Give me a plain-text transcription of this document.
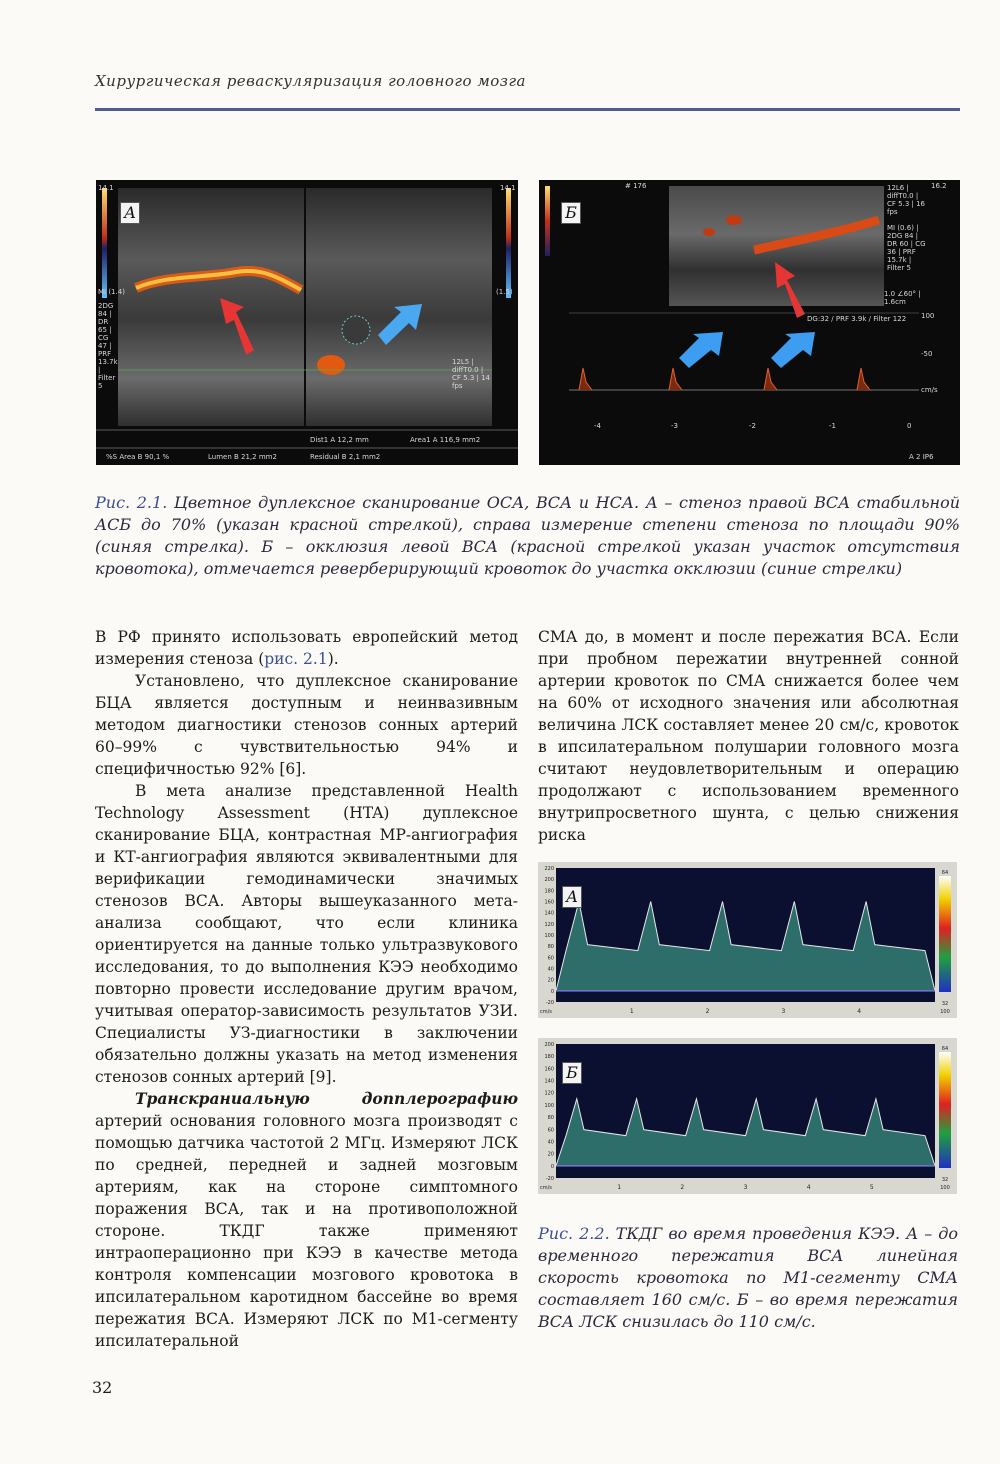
Хирургическая реваскуляризация головного мозга
А
14.1	14.1
MI (1.4)
2DG 84 | DR 65 | CG 47 | PRF 13.7k | Filter 5
12L5 | diffT0.0 | CF 5.3 | 14 fps
(1.5)
Dist1 A 12,2 mm	Area1 A 116,9 mm2
%S Area B 90,1 %	Lumen B 21,2 mm2	Residual B 2,1 mm2
Б
# 176	12L6 | diffT0.0 | CF 5.3 | 16 fps
MI (0.6) | 2DG 84 | DR 60 | CG 36 | PRF 15.7k | Filter 5
1.0 ∠60° | 1.6cm
DG:32 / PRF 3.9k / Filter 122 100
-50
cm/s
-4	-3	-2	-1	0
A 2 IP6
16.2
Рис. 2.1. Цветное дуплексное сканирование ОСА, ВСА и НСА. А – стеноз правой ВСА стабильной АСБ до 70% (указан красной стрелкой), справа измерение степени стеноза по площади 90% (синяя стрелка). Б – окклюзия левой ВСА (красной стрелкой указан участок отсутствия кровотока), отмечается реверберирующий кровоток до участка окклюзии (синие стрелки)

В РФ принято использовать европейский метод измерения стеноза (рис. 2.1).

Установлено, что дуплексное сканирование БЦА является доступным и неинвазивным методом диагностики стенозов сонных артерий 60–99% с чувствительностью 94% и специфичностью 92% [6].

В мета анализе представленной Health Technology Assessment (HTA) дуплексное сканирование БЦА, контрастная МР-ангиография и КТ-ангиография являются эквивалентными для верификации гемодинамически значимых стенозов ВСА. Авторы вышеуказанного мета-анализа сообщают, что если клиника ориентируется на данные только ультразвукового исследования, то до выполнения КЭЭ необходимо повторно провести исследование другим врачом, учитывая оператор-зависимость результатов УЗИ. Специалисты УЗ-диагностики в заключении обязательно должны указать на метод изменения стенозов сонных артерий [9].

Транскраниальную допплерографию артерий основания головного мозга производят с помощью датчика частотой 2 МГц. Измеряют ЛСК по средней, передней и задней мозговым артериям, как на стороне симптомного поражения ВСА, так и на противоположной стороне. ТКДГ также применяют интраоперационно при КЭЭ в качестве метода контроля компенсации мозгового кровотока в ипсилатеральном каротидном бассейне во время пережатия ВСА. Измеряют ЛСК по М1-сегменту ипсилатеральной

СМА до, в момент и после пережатия ВСА. Если при пробном пережатии внутренней сонной артерии кровоток по СМА снижается более чем на 60% от исходного значения или абсолютная величина ЛСК составляет менее 20 см/с, кровоток в ипсилатеральном полушарии головного мозга считают неудовлетворительным и операцию продолжают с использованием временного внутрипросветного шунта, с целью снижения риска

220
200
180
160
140
120
100
80
60
40
20
0
-20
1	2	3	4
cm/s
64
32
100
А
200
180
160
140
120
100
80
60
40
20
0
-20
1	2	3	4	5
cm/s
64
32
100
Б
Рис. 2.2. ТКДГ во время проведения КЭЭ. А – до временного пережатия ВСА линейная скорость кровотока по М1-сегменту СМА составляет 160 см/с. Б – во время пережатия ВСА ЛСК снизилась до 110 см/с.
32
